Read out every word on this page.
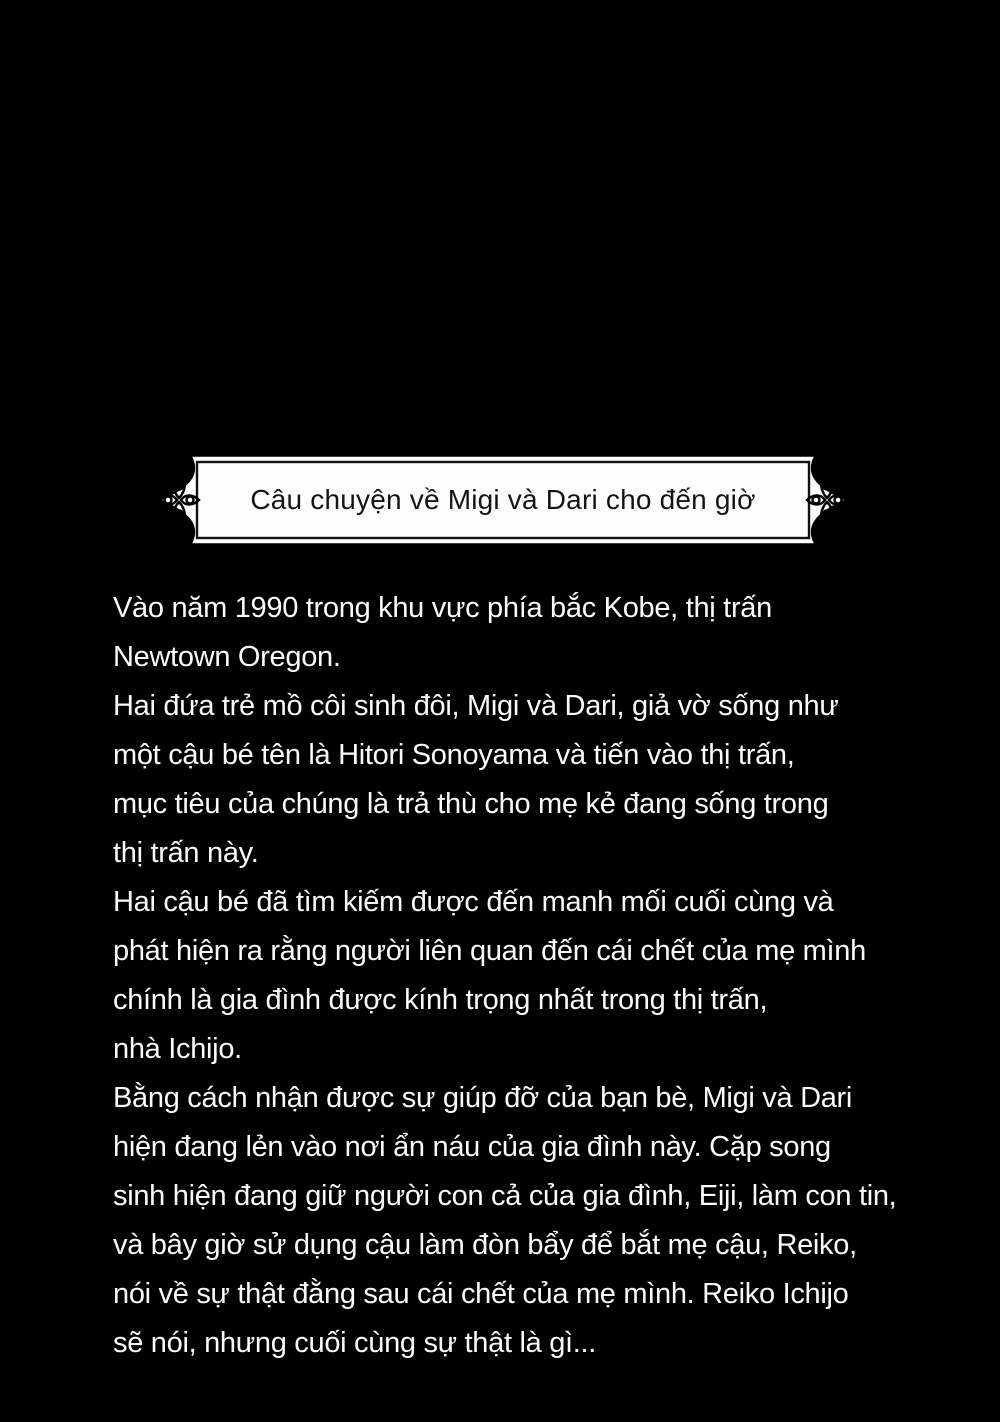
Câu chuyện về Migi và Dari cho đến giờ
Vào năm 1990 trong khu vực phía bắc Kobe, thị trấn
Newtown Oregon.
Hai đứa trẻ mồ côi sinh đôi, Migi và Dari, giả vờ sống như
một cậu bé tên là Hitori Sonoyama và tiến vào thị trấn,
mục tiêu của chúng là trả thù cho mẹ kẻ đang sống trong
thị trấn này.
Hai cậu bé đã tìm kiếm được đến manh mối cuối cùng và
phát hiện ra rằng người liên quan đến cái chết của mẹ mình
chính là gia đình được kính trọng nhất trong thị trấn,
nhà Ichijo.
Bằng cách nhận được sự giúp đỡ của bạn bè, Migi và Dari
hiện đang lẻn vào nơi ẩn náu của gia đình này. Cặp song
sinh hiện đang giữ người con cả của gia đình, Eiji, làm con tin,
và bây giờ sử dụng cậu làm đòn bẩy để bắt mẹ cậu, Reiko,
nói về sự thật đằng sau cái chết của mẹ mình. Reiko Ichijo
sẽ nói, nhưng cuối cùng sự thật là gì...
